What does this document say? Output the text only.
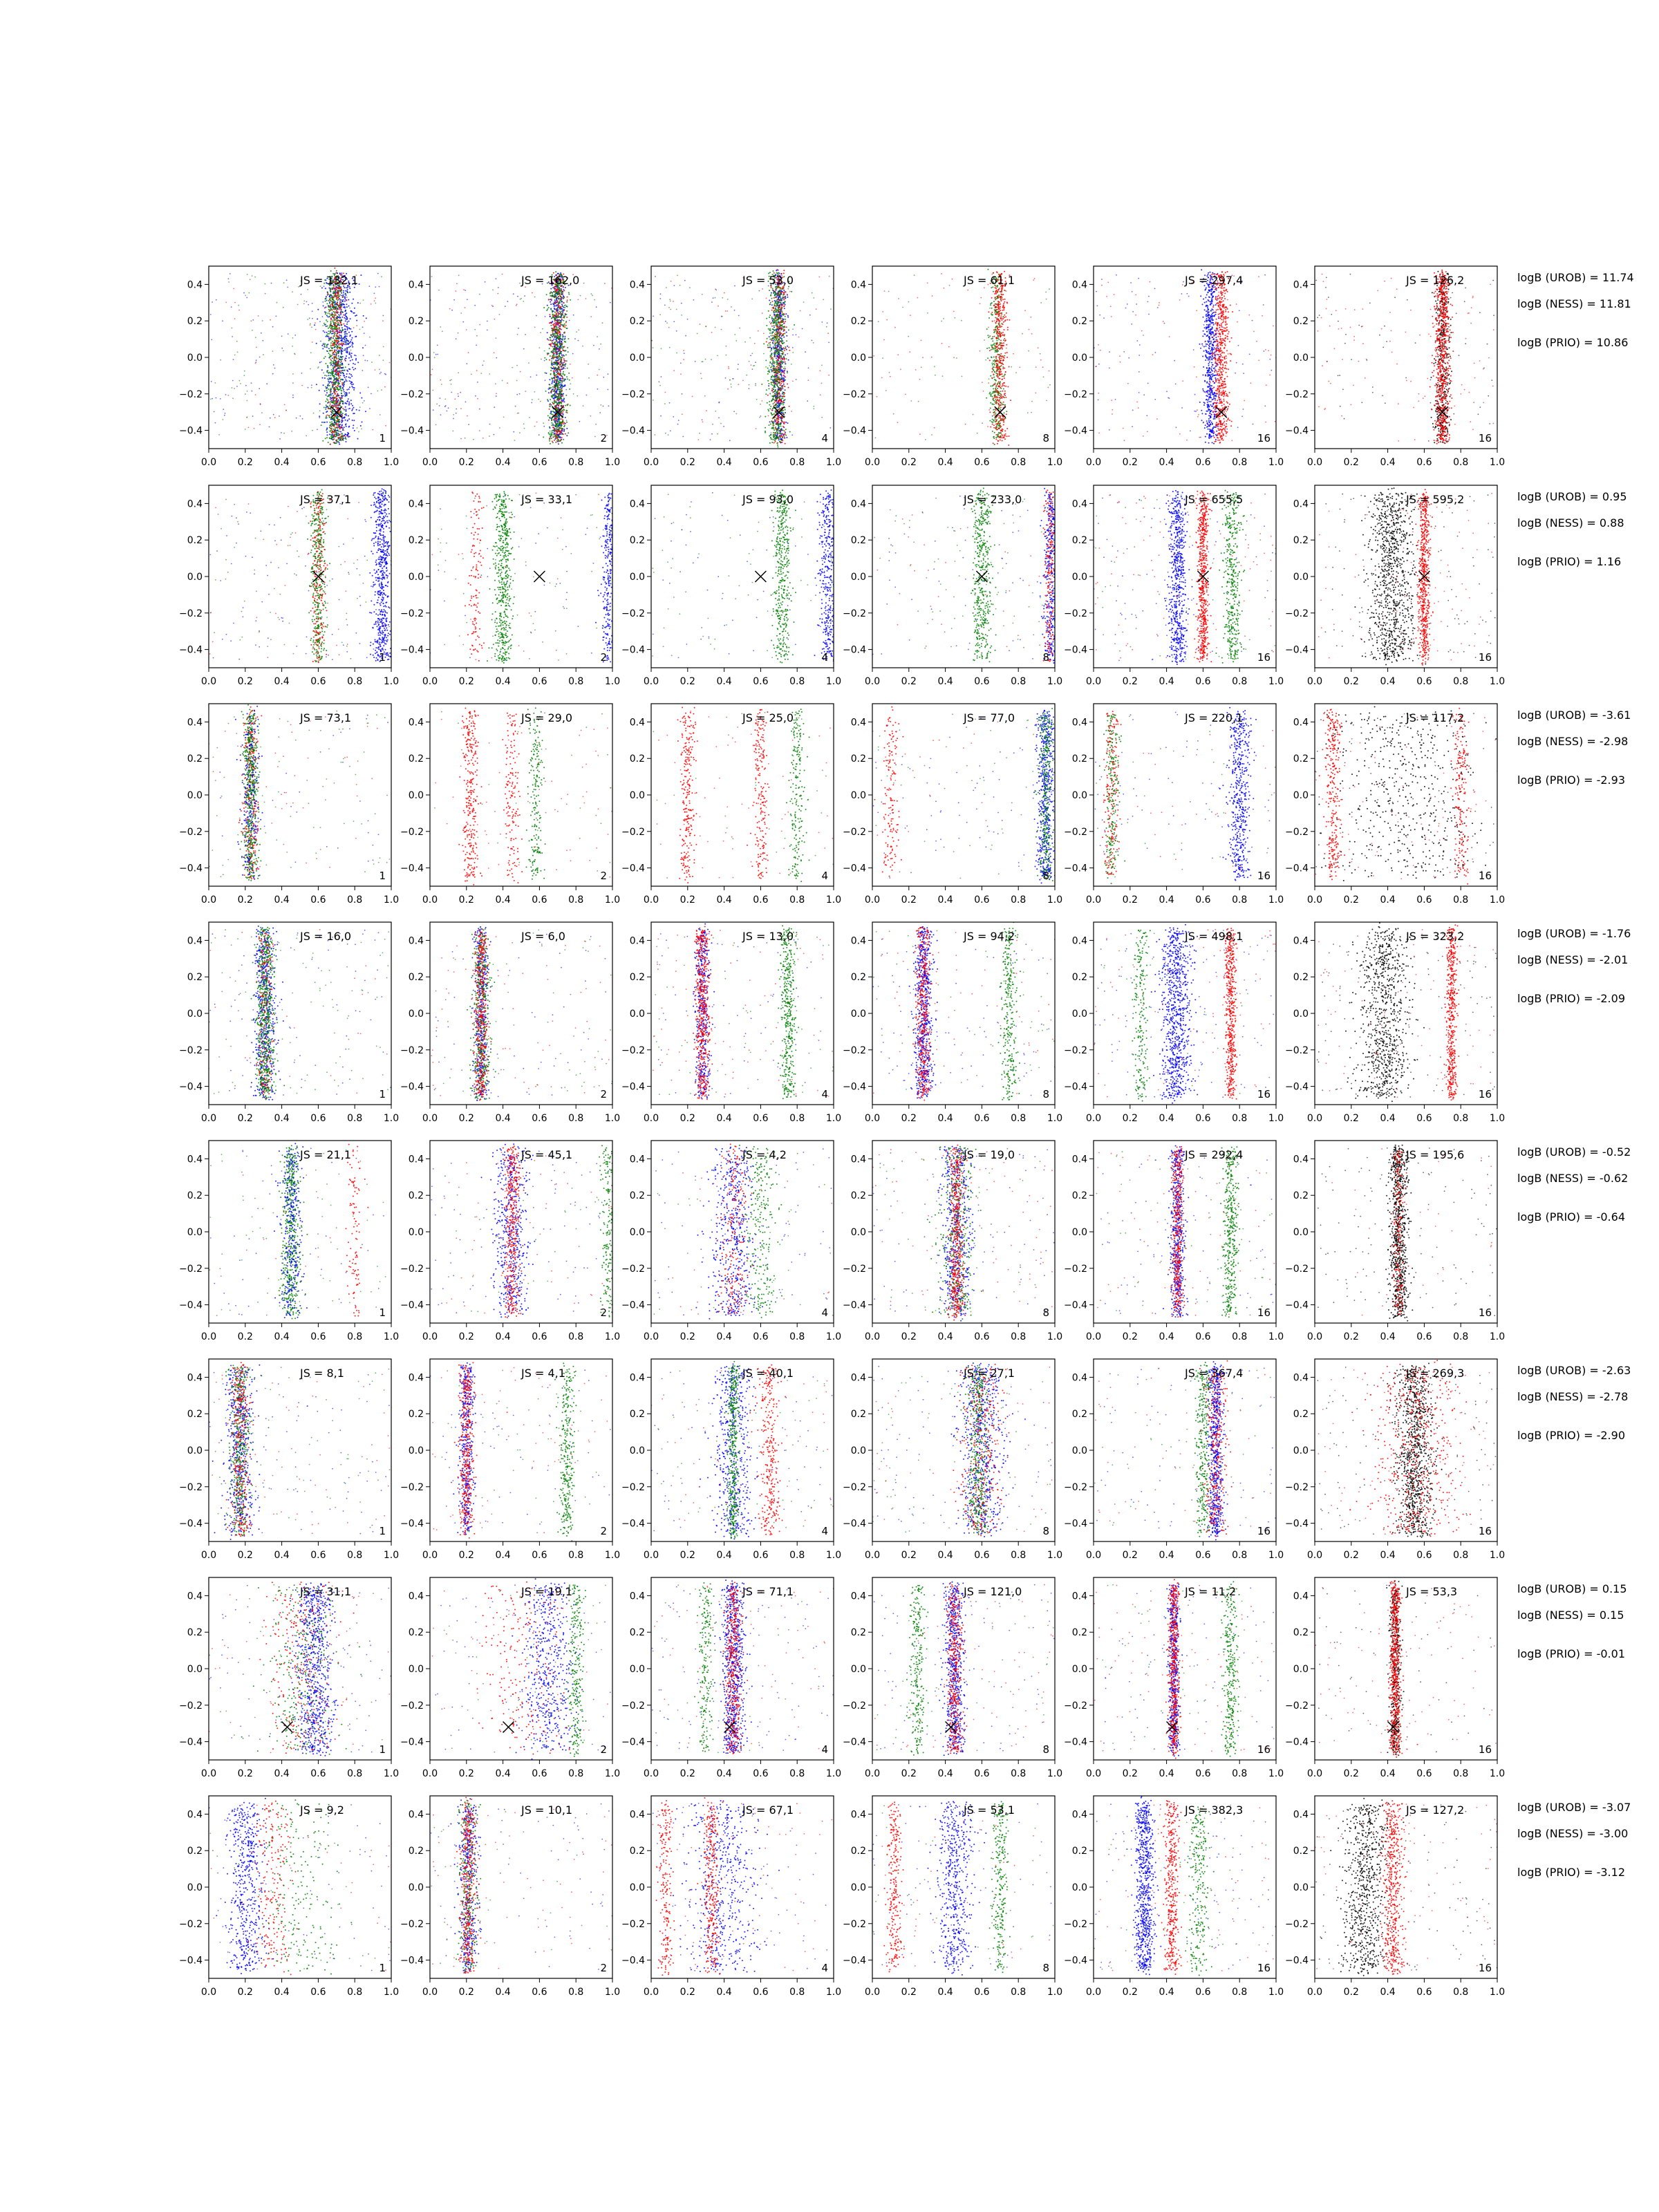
0.0 0.2 0.4 0.6 0.8 1.0
−0.4
−0.2
0.0
0.2
0.4	JS = 132,1
1
0.0 0.2 0.4 0.6 0.8 1.0
−0.4
−0.2
0.0
0.2
0.4	JS = 162,0
2
0.0 0.2 0.4 0.6 0.8 1.0
−0.4
−0.2
0.0
0.2
0.4	JS = 53,0
4
0.0 0.2 0.4 0.6 0.8 1.0
−0.4
−0.2
0.0
0.2
0.4	JS = 61,1
8
0.0 0.2 0.4 0.6 0.8 1.0
−0.4
−0.2
0.0
0.2
0.4	JS = 297,4
16
0.0 0.2 0.4 0.6 0.8 1.0
−0.4
−0.2
0.0
0.2
0.4	JS = 126,2
16
logB (UROB) = 11.74
logB (NESS) = 11.81
logB (PRIO) = 10.86
0.0 0.2 0.4 0.6 0.8 1.0
−0.4
−0.2
0.0
0.2
0.4	JS = 37,1
1
0.0 0.2 0.4 0.6 0.8 1.0
−0.4
−0.2
0.0
0.2
0.4	JS = 33,1
2
0.0 0.2 0.4 0.6 0.8 1.0
−0.4
−0.2
0.0
0.2
0.4	JS = 93,0
4
0.0 0.2 0.4 0.6 0.8 1.0
−0.4
−0.2
0.0
0.2
0.4	JS = 233,0
8
0.0 0.2 0.4 0.6 0.8 1.0
−0.4
−0.2
0.0
0.2
0.4	JS = 655,5
16
0.0 0.2 0.4 0.6 0.8 1.0
−0.4
−0.2
0.0
0.2
0.4	JS = 595,2
16
logB (UROB) = 0.95
logB (NESS) = 0.88
logB (PRIO) = 1.16
0.0 0.2 0.4 0.6 0.8 1.0
−0.4
−0.2
0.0
0.2
0.4	JS = 73,1
1
0.0 0.2 0.4 0.6 0.8 1.0
−0.4
−0.2
0.0
0.2
0.4	JS = 29,0
2
0.0 0.2 0.4 0.6 0.8 1.0
−0.4
−0.2
0.0
0.2
0.4	JS = 25,0
4
0.0 0.2 0.4 0.6 0.8 1.0
−0.4
−0.2
0.0
0.2
0.4	JS = 77,0
8
0.0 0.2 0.4 0.6 0.8 1.0
−0.4
−0.2
0.0
0.2
0.4	JS = 220,1
16
0.0 0.2 0.4 0.6 0.8 1.0
−0.4
−0.2
0.0
0.2
0.4	JS = 117,2
16
logB (UROB) = -3.61
logB (NESS) = -2.98
logB (PRIO) = -2.93
0.0 0.2 0.4 0.6 0.8 1.0
−0.4
−0.2
0.0
0.2
0.4	JS = 16,0
1
0.0 0.2 0.4 0.6 0.8 1.0
−0.4
−0.2
0.0
0.2
0.4	JS = 6,0
2
0.0 0.2 0.4 0.6 0.8 1.0
−0.4
−0.2
0.0
0.2
0.4	JS = 13,0
4
0.0 0.2 0.4 0.6 0.8 1.0
−0.4
−0.2
0.0
0.2
0.4	JS = 94,2
8
0.0 0.2 0.4 0.6 0.8 1.0
−0.4
−0.2
0.0
0.2
0.4	JS = 498,1
16
0.0 0.2 0.4 0.6 0.8 1.0
−0.4
−0.2
0.0
0.2
0.4	JS = 323,2
16
logB (UROB) = -1.76
logB (NESS) = -2.01
logB (PRIO) = -2.09
0.0 0.2 0.4 0.6 0.8 1.0
−0.4
−0.2
0.0
0.2
0.4	JS = 21,1
1
0.0 0.2 0.4 0.6 0.8 1.0
−0.4
−0.2
0.0
0.2
0.4	JS = 45,1
2
0.0 0.2 0.4 0.6 0.8 1.0
−0.4
−0.2
0.0
0.2
0.4	JS = 4,2
4
0.0 0.2 0.4 0.6 0.8 1.0
−0.4
−0.2
0.0
0.2
0.4	JS = 19,0
8
0.0 0.2 0.4 0.6 0.8 1.0
−0.4
−0.2
0.0
0.2
0.4	JS = 292,4
16
0.0 0.2 0.4 0.6 0.8 1.0
−0.4
−0.2
0.0
0.2
0.4	JS = 195,6
16
logB (UROB) = -0.52
logB (NESS) = -0.62
logB (PRIO) = -0.64
0.0 0.2 0.4 0.6 0.8 1.0
−0.4
−0.2
0.0
0.2
0.4	JS = 8,1
1
0.0 0.2 0.4 0.6 0.8 1.0
−0.4
−0.2
0.0
0.2
0.4	JS = 4,1
2
0.0 0.2 0.4 0.6 0.8 1.0
−0.4
−0.2
0.0
0.2
0.4	JS = 40,1
4
0.0 0.2 0.4 0.6 0.8 1.0
−0.4
−0.2
0.0
0.2
0.4	JS = 27,1
8
0.0 0.2 0.4 0.6 0.8 1.0
−0.4
−0.2
0.0
0.2
0.4	JS = 367,4
16
0.0 0.2 0.4 0.6 0.8 1.0
−0.4
−0.2
0.0
0.2
0.4	JS = 269,3
16
logB (UROB) = -2.63
logB (NESS) = -2.78
logB (PRIO) = -2.90
0.0 0.2 0.4 0.6 0.8 1.0
−0.4
−0.2
0.0
0.2
0.4	JS = 31,1
1
0.0 0.2 0.4 0.6 0.8 1.0
−0.4
−0.2
0.0
0.2
0.4	JS = 19,1
2
0.0 0.2 0.4 0.6 0.8 1.0
−0.4
−0.2
0.0
0.2
0.4	JS = 71,1
4
0.0 0.2 0.4 0.6 0.8 1.0
−0.4
−0.2
0.0
0.2
0.4	JS = 121,0
8
0.0 0.2 0.4 0.6 0.8 1.0
−0.4
−0.2
0.0
0.2
0.4	JS = 11,2
16
0.0 0.2 0.4 0.6 0.8 1.0
−0.4
−0.2
0.0
0.2
0.4	JS = 53,3
16
logB (UROB) = 0.15
logB (NESS) = 0.15
logB (PRIO) = -0.01
0.0 0.2 0.4 0.6 0.8 1.0
−0.4
−0.2
0.0
0.2
0.4	JS = 9,2
1
0.0 0.2 0.4 0.6 0.8 1.0
−0.4
−0.2
0.0
0.2
0.4	JS = 10,1
2
0.0 0.2 0.4 0.6 0.8 1.0
−0.4
−0.2
0.0
0.2
0.4	JS = 67,1
4
0.0 0.2 0.4 0.6 0.8 1.0
−0.4
−0.2
0.0
0.2
0.4	JS = 53,1
8
0.0 0.2 0.4 0.6 0.8 1.0
−0.4
−0.2
0.0
0.2
0.4	JS = 382,3
16
0.0 0.2 0.4 0.6 0.8 1.0
−0.4
−0.2
0.0
0.2
0.4	JS = 127,2
16
logB (UROB) = -3.07
logB (NESS) = -3.00
logB (PRIO) = -3.12
